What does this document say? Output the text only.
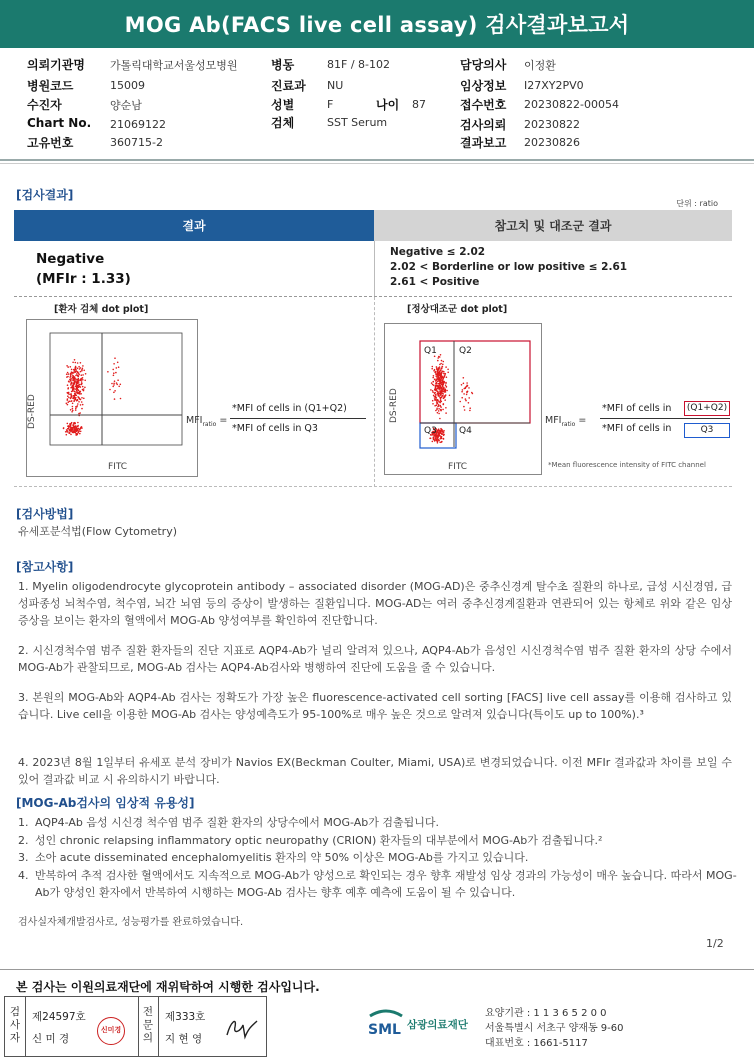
MOG Ab(FACS live cell assay) 검사결과보고서
의뢰기관명 가톨릭대학교서울성모병원
병원코드	15009
수진자	양순남
Chart No. 21069122
고유번호	360715-2
병동	81F / 8-102
진료과 NU
성별	F	나이 87
검체	SST Serum
담당의사 이정환
임상정보 I27XY2PV0
접수번호 20230822-00054
검사의뢰 20230822
결과보고 20230826
[검사결과]
단위 : ratio
결과	참고치 및 대조군 결과
Negative
(MFIr : 1.33)
Negative ≤ 2.02
2.02 < Borderline or low positive ≤ 2.61
2.61 < Positive
[환자 검체 dot plot]	[정상대조군 dot plot]
DS-RED
FITC
$MFI_{ratio}$ =
*MFI of cells in (Q1+Q2)
*MFI of cells in Q3
Q1 Q2
Q3 Q4
DS-RED
FITC
$MFI_{ratio}$ =
*MFI of cells in	(Q1+Q2)
*MFI of cells in	Q3
*Mean fluorescence intensity of FITC channel
[검사방법]
유세포분석법(Flow Cytometry)
[참고사항]
1. Myelin oligodendrocyte glycoprotein antibody – associated disorder (MOG-AD)은 중추신경계 탈수초 질환의 하나로, 급성 시신경염, 급성파종성 뇌척수염, 척수염, 뇌간 뇌염 등의 증상이 발생하는 질환입니다. MOG-AD는 여러 중추신경계질환과 연관되어 있는 항체로 위와 같은 임상 증상을 보이는 환자의 혈액에서 MOG-Ab 양성여부를 확인하여 진단합니다.
2. 시신경척수염 범주 질환 환자들의 진단 지표로 AQP4-Ab가 널리 알려져 있으나, AQP4-Ab가 음성인 시신경척수염 범주 질환 환자의 상당 수에서 MOG-Ab가 관찰되므로, MOG-Ab 검사는 AQP4-Ab검사와 병행하여 진단에 도움을 줄 수 있습니다.
3. 본원의 MOG-Ab와 AQP4-Ab 검사는 정확도가 가장 높은 fluorescence-activated cell sorting [FACS] live cell assay를 이용해 검사하고 있습니다. Live cell을 이용한 MOG-Ab 검사는 양성예측도가 95-100%로 매우 높은 것으로 알려져 있습니다(특이도 up to 100%).³
4. 2023년 8월 1일부터 유세포 분석 장비가 Navios EX(Beckman Coulter, Miami, USA)로 변경되었습니다. 이전 MFIr 결과값과 차이를 보일 수 있어 결과값 비교 시 유의하시기 바랍니다.
[MOG-Ab검사의 임상적 유용성]
1. AQP4-Ab 음성 시신경 척수염 범주 질환 환자의 상당수에서 MOG-Ab가 검출됩니다.
2. 성인 chronic relapsing inflammatory optic neuropathy (CRION) 환자들의 대부분에서 MOG-Ab가 검출됩니다.²
3. 소아 acute disseminated encephalomyelitis 환자의 약 50% 이상은 MOG-Ab를 가지고 있습니다.
4. 반복하여 추적 검사한 혈액에서도 지속적으로 MOG-Ab가 양성으로 확인되는 경우 향후 재발성 임상 경과의 가능성이 매우 높습니다. 따라서 MOG-Ab가 양성인 환자에서 반복하여 시행하는 MOG-Ab 검사는 향후 예후 예측에 도움이 될 수 있습니다.
검사실자체개발검사로, 성능평가를 완료하였습니다.
1/2
본 검사는 이원의료재단에 재위탁하여 시행한 검사입니다.
검사자
제24597호
신 미 경
신미경
전문의
제333호
지 현 영
SML 삼광의료재단
요양기관 : 1 1 3 6 5 2 0 0
서울특별시 서초구 양재동 9-60
대표번호 : 1661-5117
